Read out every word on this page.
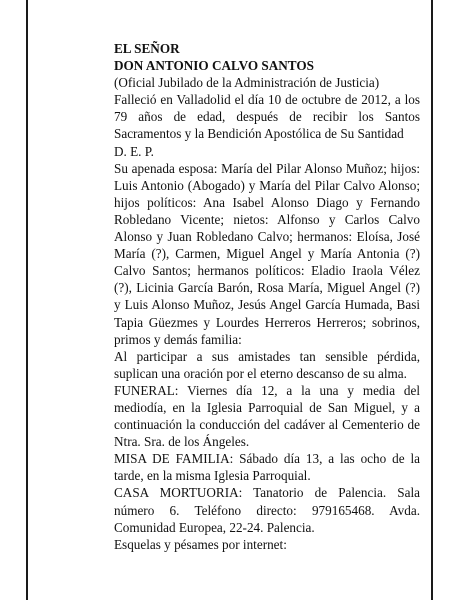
EL SEÑOR

DON ANTONIO CALVO SANTOS

(Oficial Jubilado de la Administración de Justicia)

Falleció en Valladolid el día 10 de octubre de 2012, a los 79 años de edad, después de recibir los Santos Sacramentos y la Bendición Apostólica de Su Santidad

D. E. P.

Su apenada esposa: María del Pilar Alonso Muñoz; hijos: Luis Antonio (Abogado) y María del Pilar Calvo Alonso; hijos políticos: Ana Isabel Alonso Diago y Fernando Robledano Vicente; nietos: Alfonso y Carlos Calvo Alonso y Juan Robledano Calvo; hermanos: Eloísa, José María (?), Carmen, Miguel Angel y María Antonia (?) Calvo Santos; hermanos políticos: Eladio Iraola Vélez (?), Licinia García Barón, Rosa María, Miguel Angel (?) y Luis Alonso Muñoz, Jesús Angel García Humada, Basi Tapia Güezmes y Lourdes Herreros Herreros; sobrinos, primos y demás familia:

Al participar a sus amistades tan sensible pérdida, suplican una oración por el eterno descanso de su alma.

FUNERAL: Viernes día 12, a la una y media del mediodía, en la Iglesia Parroquial de San Miguel, y a continuación la conducción del cadáver al Cementerio de Ntra. Sra. de los Ángeles.

MISA DE FAMILIA: Sábado día 13, a las ocho de la tarde, en la misma Iglesia Parroquial.

CASA MORTUORIA: Tanatorio de Palencia. Sala número 6. Teléfono directo: 979165468. Avda. Comunidad Europea, 22-24. Palencia.

Esquelas y pésames por internet:
